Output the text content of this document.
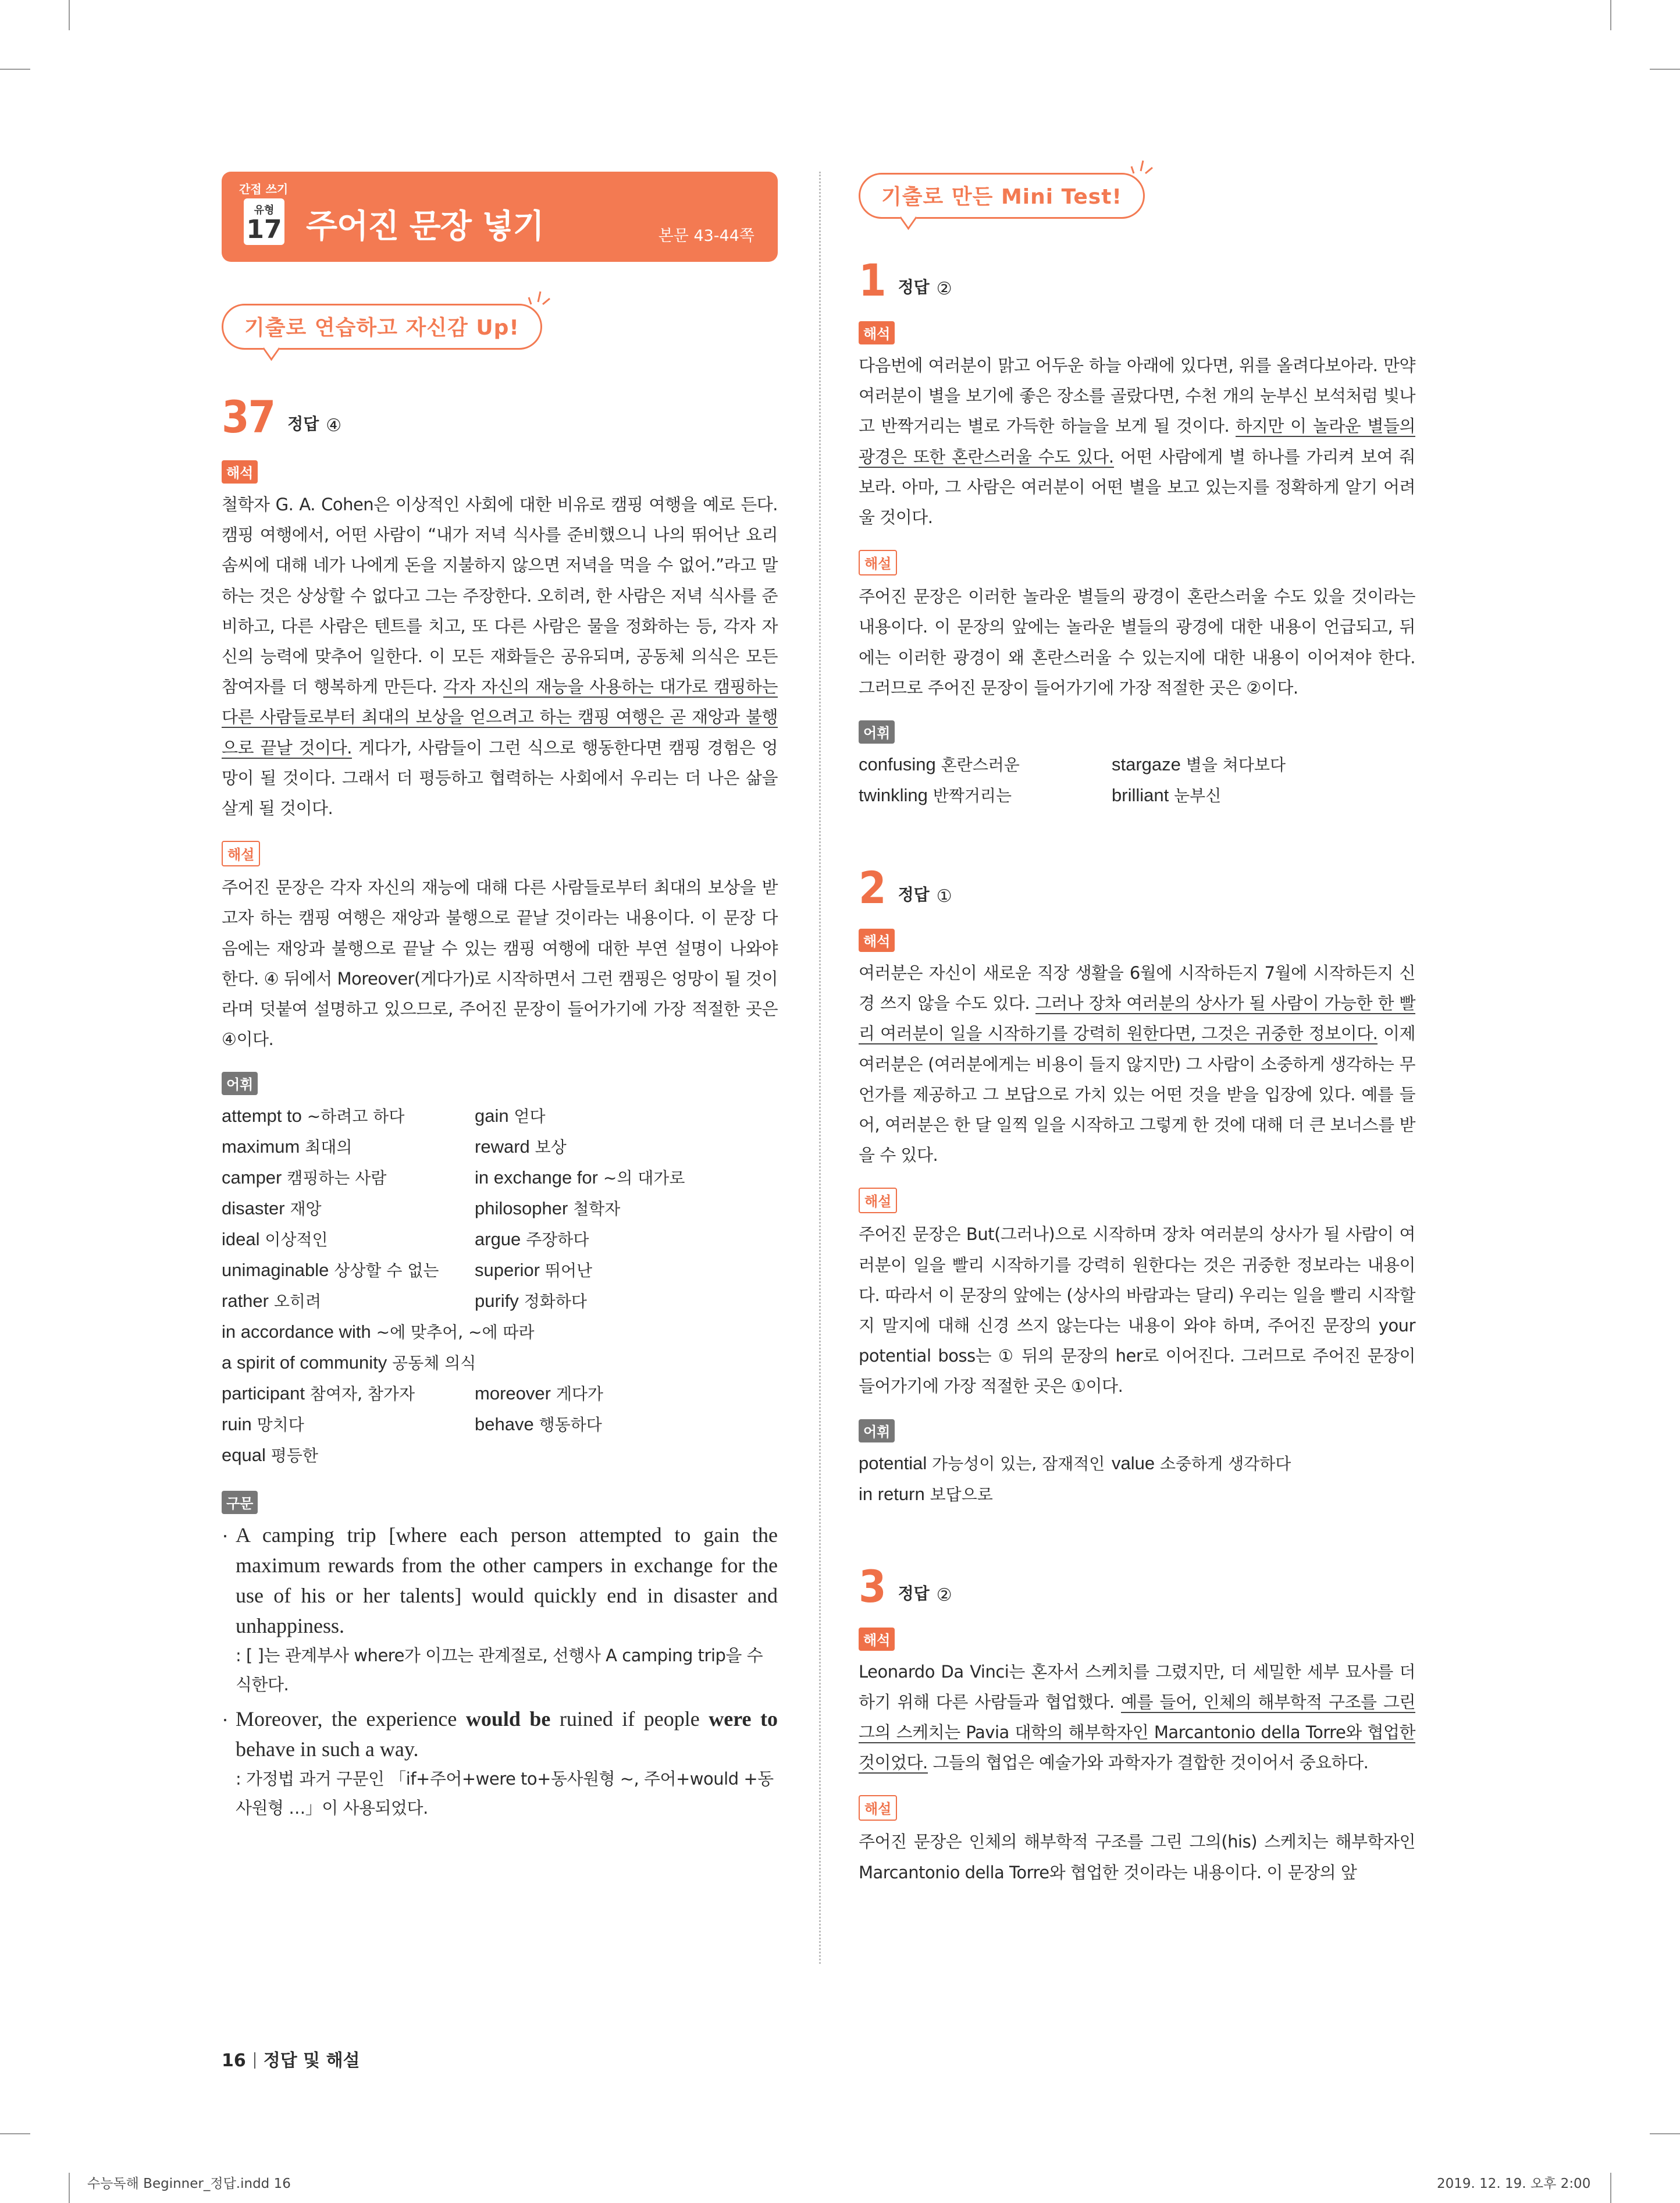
간접 쓰기
유형
17 주어진 문장 넣기	본문 43-44쪽
기출로 연습하고 자신감 Up!
37 정답 ④
해석

철학자 G. A. Cohen은 이상적인 사회에 대한 비유로 캠핑 여행을 예로 든다. 캠핑 여행에서, 어떤 사람이 “내가 저녁 식사를 준비했으니 나의 뛰어난 요리 솜씨에 대해 네가 나에게 돈을 지불하지 않으면 저녁을 먹을 수 없어.”라고 말하는 것은 상상할 수 없다고 그는 주장한다. 오히려, 한 사람은 저녁 식사를 준비하고, 다른 사람은 텐트를 치고, 또 다른 사람은 물을 정화하는 등, 각자 자신의 능력에 맞추어 일한다. 이 모든 재화들은 공유되며, 공동체 의식은 모든 참여자를 더 행복하게 만든다. 각자 자신의 재능을 사용하는 대가로 캠핑하는 다른 사람들로부터 최대의 보상을 얻으려고 하는 캠핑 여행은 곧 재앙과 불행으로 끝날 것이다. 게다가, 사람들이 그런 식으로 행동한다면 캠핑 경험은 엉망이 될 것이다. 그래서 더 평등하고 협력하는 사회에서 우리는 더 나은 삶을 살게 될 것이다.

해설

주어진 문장은 각자 자신의 재능에 대해 다른 사람들로부터 최대의 보상을 받고자 하는 캠핑 여행은 재앙과 불행으로 끝날 것이라는 내용이다. 이 문장 다음에는 재앙과 불행으로 끝날 수 있는 캠핑 여행에 대한 부연 설명이 나와야 한다. ④ 뒤에서 Moreover(게다가)로 시작하면서 그런 캠핑은 엉망이 될 것이라며 덧붙여 설명하고 있으므로, 주어진 문장이 들어가기에 가장 적절한 곳은 ④이다.

어휘
attempt to ∼하려고 하다	gain 얻다
maximum 최대의	reward 보상
camper 캠핑하는 사람	in exchange for ∼의 대가로
disaster 재앙	philosopher 철학자
ideal 이상적인	argue 주장하다
unimaginable 상상할 수 없는	superior 뛰어난
rather 오히려	purify 정화하다
in accordance with ∼에 맞추어, ∼에 따라
a spirit of community 공동체 의식
participant 참여자, 참가자	moreover 게다가
ruin 망치다	behave 행동하다
equal 평등한
구문
· A camping trip [where each person attempted to gain the maximum rewards from the other campers in exchange for the use of his or her talents] would quickly end in disaster and unhappiness.
: [ ]는 관계부사 where가 이끄는 관계절로, 선행사 A camping trip을 수식한다.
· Moreover, the experience would be ruined if people were to behave in such a way.
: 가정법 과거 구문인 「if+주어+were to+동사원형 ~, 주어+would +동사원형 …」이 사용되었다.
기출로 만든 Mini Test!
1 정답 ②
해석

다음번에 여러분이 맑고 어두운 하늘 아래에 있다면, 위를 올려다보아라. 만약 여러분이 별을 보기에 좋은 장소를 골랐다면, 수천 개의 눈부신 보석처럼 빛나고 반짝거리는 별로 가득한 하늘을 보게 될 것이다. 하지만 이 놀라운 별들의 광경은 또한 혼란스러울 수도 있다. 어떤 사람에게 별 하나를 가리켜 보여 줘 보라. 아마, 그 사람은 여러분이 어떤 별을 보고 있는지를 정확하게 알기 어려울 것이다.

해설

주어진 문장은 이러한 놀라운 별들의 광경이 혼란스러울 수도 있을 것이라는 내용이다. 이 문장의 앞에는 놀라운 별들의 광경에 대한 내용이 언급되고, 뒤에는 이러한 광경이 왜 혼란스러울 수 있는지에 대한 내용이 이어져야 한다. 그러므로 주어진 문장이 들어가기에 가장 적절한 곳은 ②이다.

어휘
confusing 혼란스러운	stargaze 별을 쳐다보다
twinkling 반짝거리는	brilliant 눈부신
2 정답 ①
해석

여러분은 자신이 새로운 직장 생활을 6월에 시작하든지 7월에 시작하든지 신경 쓰지 않을 수도 있다. 그러나 장차 여러분의 상사가 될 사람이 가능한 한 빨리 여러분이 일을 시작하기를 강력히 원한다면, 그것은 귀중한 정보이다. 이제 여러분은 (여러분에게는 비용이 들지 않지만) 그 사람이 소중하게 생각하는 무언가를 제공하고 그 보답으로 가치 있는 어떤 것을 받을 입장에 있다. 예를 들어, 여러분은 한 달 일찍 일을 시작하고 그렇게 한 것에 대해 더 큰 보너스를 받을 수 있다.

해설

주어진 문장은 But(그러나)으로 시작하며 장차 여러분의 상사가 될 사람이 여러분이 일을 빨리 시작하기를 강력히 원한다는 것은 귀중한 정보라는 내용이다. 따라서 이 문장의 앞에는 (상사의 바람과는 달리) 우리는 일을 빨리 시작할지 말지에 대해 신경 쓰지 않는다는 내용이 와야 하며, 주어진 문장의 your potential boss는 ① 뒤의 문장의 her로 이어진다. 그러므로 주어진 문장이 들어가기에 가장 적절한 곳은 ①이다.

어휘
potential 가능성이 있는, 잠재적인 value 소중하게 생각하다
in return 보답으로
3 정답 ②
해석

Leonardo Da Vinci는 혼자서 스케치를 그렸지만, 더 세밀한 세부 묘사를 더 하기 위해 다른 사람들과 협업했다. 예를 들어, 인체의 해부학적 구조를 그린 그의 스케치는 Pavia 대학의 해부학자인 Marcantonio della Torre와 협업한 것이었다. 그들의 협업은 예술가와 과학자가 결합한 것이어서 중요하다.

해설

주어진 문장은 인체의 해부학적 구조를 그린 그의(his) 스케치는 해부학자인 Marcantonio della Torre와 협업한 것이라는 내용이다. 이 문장의 앞

16 정답 및 해설
수능독해 Beginner_정답.indd 16	2019. 12. 19. 오후 2:00
